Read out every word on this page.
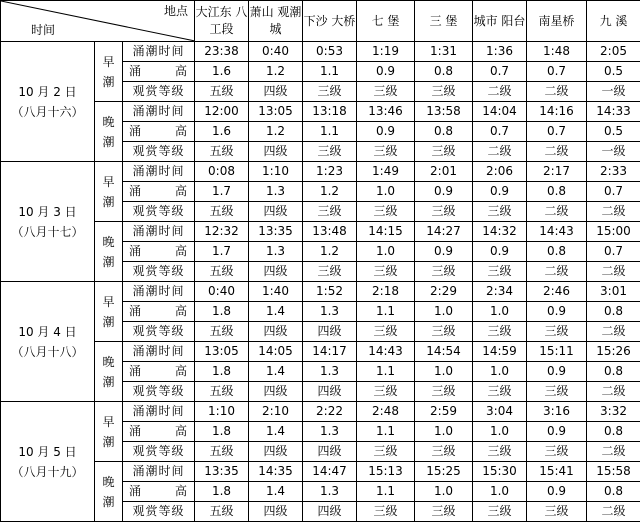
地点
时间			大江东 八工段	萧山 观潮城	下沙 大桥	七 堡	三 堡	城市 阳台	南星桥	九 溪
10 月 2 日
（八月十六）	早潮	涌潮时间	23:38	0:40	0:53	1:19	1:31	1:36	1:48	2:05
		涌 高	1.6	1.2	1.1	0.9	0.8	0.7	0.7	0.5
		观赏等级	五级	四级	三级	三级	三级	二级	二级	一级
	晚潮	涌潮时间	12:00	13:05	13:18	13:46	13:58	14:04	14:16	14:33
		涌 高	1.6	1.2	1.1	0.9	0.8	0.7	0.7	0.5
		观赏等级	五级	四级	三级	三级	三级	二级	二级	一级
10 月 3 日
（八月十七）	早潮	涌潮时间	0:08	1:10	1:23	1:49	2:01	2:06	2:17	2:33
		涌 高	1.7	1.3	1.2	1.0	0.9	0.9	0.8	0.7
		观赏等级	五级	四级	三级	三级	三级	三级	二级	二级
	晚潮	涌潮时间	12:32	13:35	13:48	14:15	14:27	14:32	14:43	15:00
		涌 高	1.7	1.3	1.2	1.0	0.9	0.9	0.8	0.7
		观赏等级	五级	四级	三级	三级	三级	三级	二级	二级
10 月 4 日
（八月十八）	早潮	涌潮时间	0:40	1:40	1:52	2:18	2:29	2:34	2:46	3:01
		涌 高	1.8	1.4	1.3	1.1	1.0	1.0	0.9	0.8
		观赏等级	五级	四级	四级	三级	三级	三级	三级	二级
	晚潮	涌潮时间	13:05	14:05	14:17	14:43	14:54	14:59	15:11	15:26
		涌 高	1.8	1.4	1.3	1.1	1.0	1.0	0.9	0.8
		观赏等级	五级	四级	四级	三级	三级	三级	三级	二级
10 月 5 日
（八月十九）	早潮	涌潮时间	1:10	2:10	2:22	2:48	2:59	3:04	3:16	3:32
		涌 高	1.8	1.4	1.3	1.1	1.0	1.0	0.9	0.8
		观赏等级	五级	四级	四级	三级	三级	三级	三级	二级
	晚潮	涌潮时间	13:35	14:35	14:47	15:13	15:25	15:30	15:41	15:58
		涌 高	1.8	1.4	1.3	1.1	1.0	1.0	0.9	0.8
		观赏等级	五级	四级	四级	三级	三级	三级	三级	二级
